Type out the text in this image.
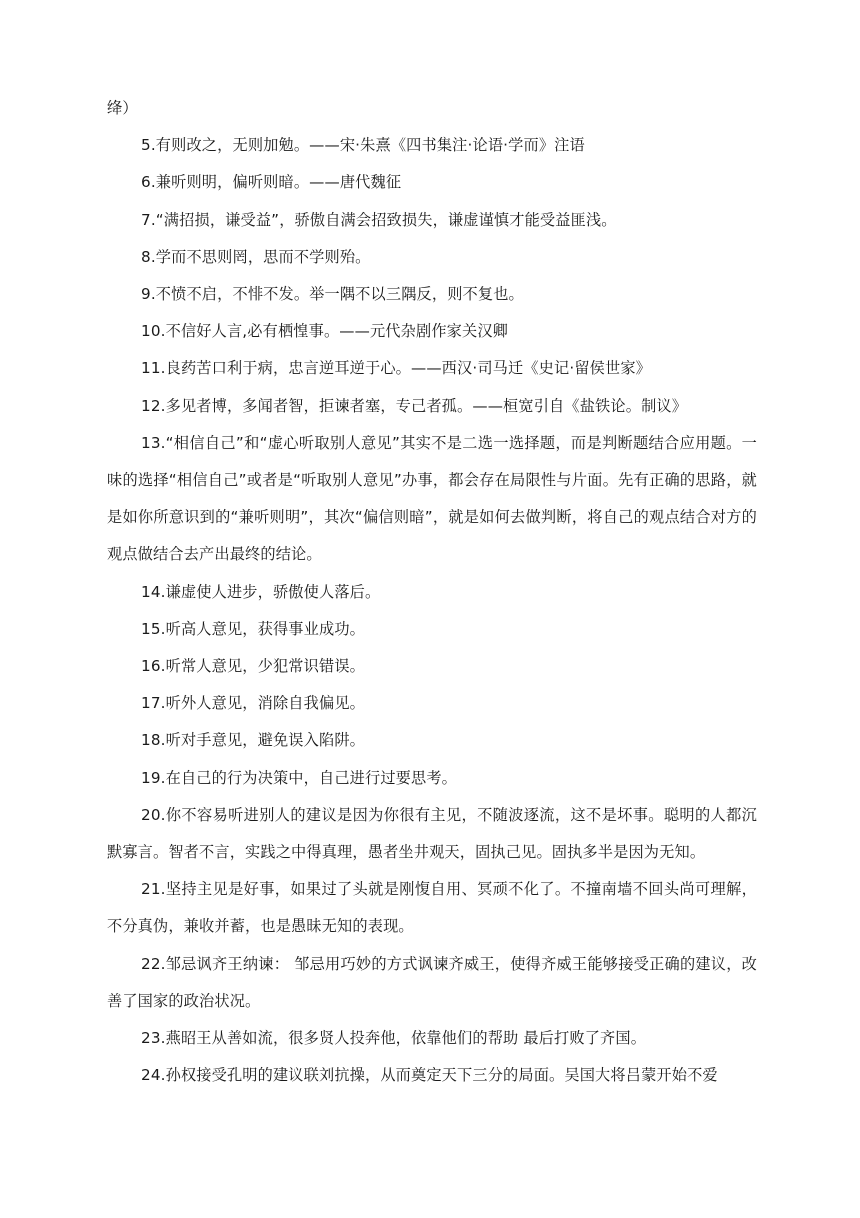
绛）

5.有则改之，无则加勉。——宋·朱熹《四书集注·论语·学而》注语

6.兼听则明，偏听则暗。——唐代魏征

7.“满招损，谦受益”，骄傲自满会招致损失，谦虚谨慎才能受益匪浅。

8.学而不思则罔，思而不学则殆。

9.不愤不启，不悱不发。举一隅不以三隅反，则不复也。

10.不信好人言,必有栖惶事。——元代杂剧作家关汉卿

11.良药苦口利于病，忠言逆耳逆于心。——西汉·司马迁《史记·留侯世家》

12.多见者博，多闻者智，拒谏者塞，专己者孤。——桓宽引自《盐铁论。制议》

13.“相信自己”和“虚心听取别人意见”其实不是二选一选择题，而是判断题结合应用题。一味的选择“相信自己”或者是“听取别人意见”办事，都会存在局限性与片面。先有正确的思路，就是如你所意识到的“兼听则明”，其次“偏信则暗”，就是如何去做判断，将自己的观点结合对方的观点做结合去产出最终的结论。

14.谦虚使人进步，骄傲使人落后。

15.听高人意见，获得事业成功。

16.听常人意见，少犯常识错误。

17.听外人意见，消除自我偏见。

18.听对手意见，避免误入陷阱。

19.在自己的行为决策中，自己进行过要思考。

20.你不容易听进别人的建议是因为你很有主见，不随波逐流，这不是坏事。聪明的人都沉默寡言。智者不言，实践之中得真理，愚者坐井观天，固执己见。固执多半是因为无知。

21.坚持主见是好事，如果过了头就是刚愎自用、冥顽不化了。不撞南墙不回头尚可理解，不分真伪，兼收并蓄，也是愚昧无知的表现。

22.邹忌讽齐王纳谏： 邹忌用巧妙的方式讽谏齐威王，使得齐威王能够接受正确的建议，改善了国家的政治状况。

23.燕昭王从善如流，很多贤人投奔他，依靠他们的帮助 最后打败了齐国。

24.孙权接受孔明的建议联刘抗操，从而奠定天下三分的局面。吴国大将吕蒙开始不爱
